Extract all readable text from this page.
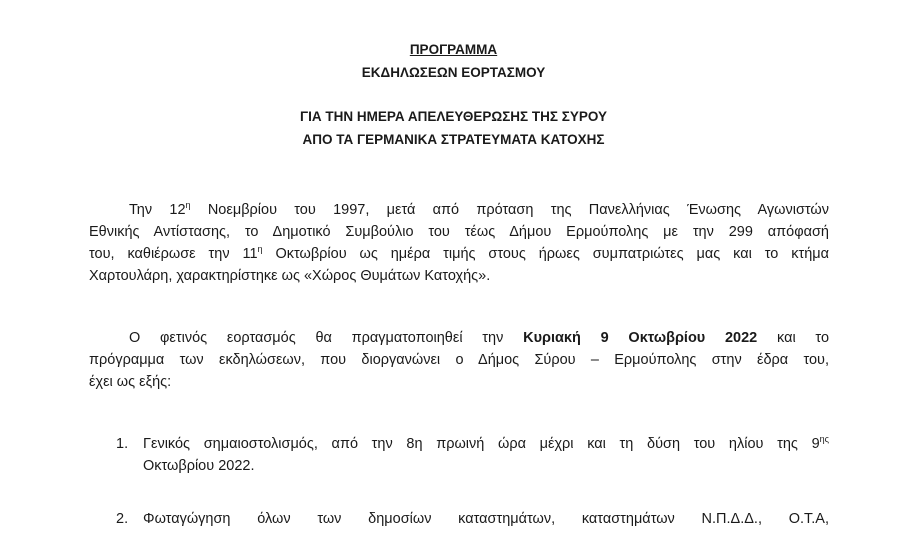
ΠΡΟΓΡΑΜΜΑ
ΕΚΔΗΛΩΣΕΩΝ ΕΟΡΤΑΣΜΟΥ
ΓΙΑ ΤΗΝ ΗΜΕΡΑ ΑΠΕΛΕΥΘΕΡΩΣΗΣ ΤΗΣ ΣΥΡΟΥ
ΑΠΟ ΤΑ ΓΕΡΜΑΝΙΚΑ ΣΤΡΑΤΕΥΜΑΤΑ ΚΑΤΟΧΗΣ
Την $12^\eta$ Νοεμβρίου του 1997, μετά από πρόταση της Πανελλήνιας Ένωσης Αγωνιστών
Εθνικής Αντίστασης, το Δημοτικό Συμβούλιο του τέως Δήμου Ερμούπολης με την 299 απόφασή
του, καθιέρωσε την $11^\eta$ Οκτωβρίου ως ημέρα τιμής στους ήρωες συμπατριώτες μας και το κτήμα
Χαρτουλάρη, χαρακτηρίστηκε ως «Χώρος Θυμάτων Κατοχής».
Ο φετινός εορτασμός θα πραγματοποιηθεί την Κυριακή 9 Οκτωβρίου 2022 και το
πρόγραμμα των εκδηλώσεων, που διοργανώνει ο Δήμος Σύρου – Ερμούπολης στην έδρα του,
έχει ως εξής:
1.	Γενικός σημαιοστολισμός, από την 8η πρωινή ώρα μέχρι και τη δύση του ηλίου της $9^{\eta\varsigma}$
Οκτωβρίου 2022.
2.	Φωταγώγηση όλων των δημοσίων καταστημάτων, καταστημάτων Ν.Π.Δ.Δ., Ο.Τ.Α,
